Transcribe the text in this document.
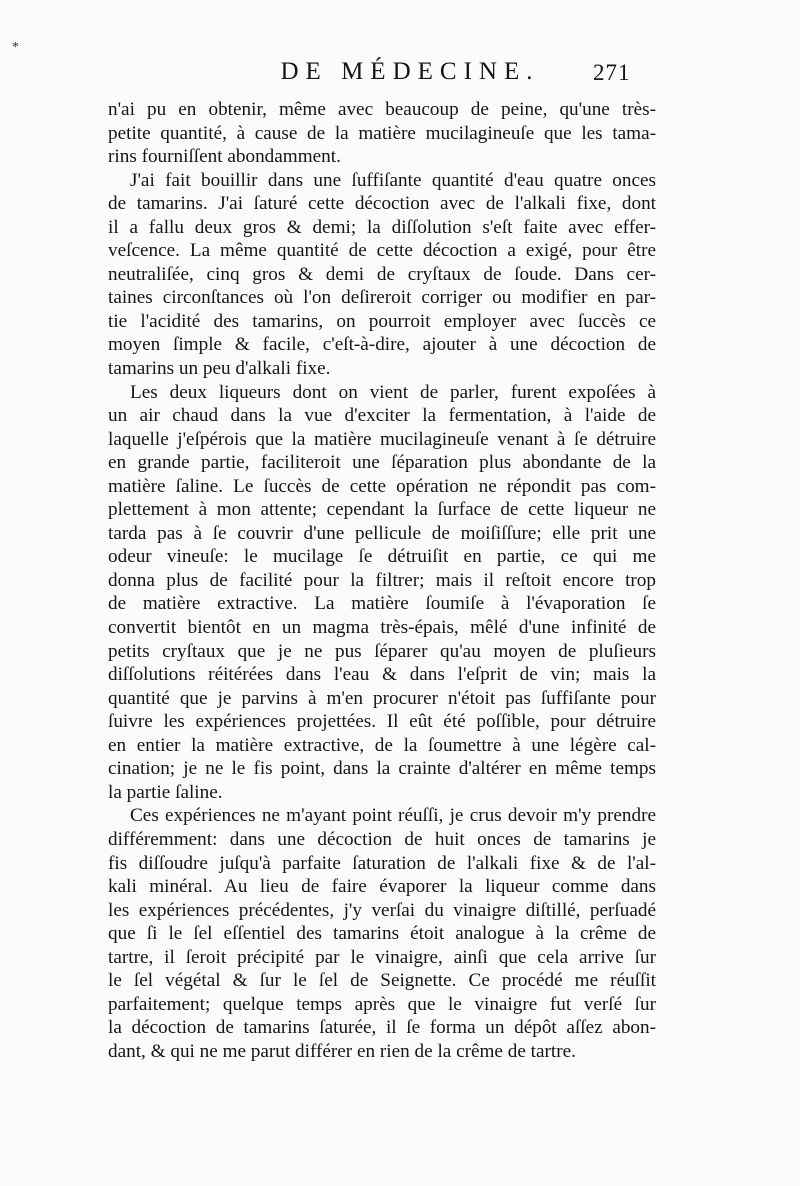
*
DE MÉDECINE.	271
n'ai pu en obtenir, même avec beaucoup de peine, qu'une très-
petite quantité, à cause de la matière mucilagineuſe que les tama-
rins fourniſſent abondamment.
J'ai fait bouillir dans une ſuffiſante quantité d'eau quatre onces
de tamarins. J'ai ſaturé cette décoction avec de l'alkali fixe, dont
il a fallu deux gros & demi; la diſſolution s'eſt faite avec effer-
veſcence. La même quantité de cette décoction a exigé, pour être
neutraliſée, cinq gros & demi de cryſtaux de ſoude. Dans cer-
taines circonſtances où l'on deſireroit corriger ou modifier en par-
tie l'acidité des tamarins, on pourroit employer avec ſuccès ce
moyen ſimple & facile, c'eſt-à-dire, ajouter à une décoction de
tamarins un peu d'alkali fixe.
Les deux liqueurs dont on vient de parler, furent expoſées à
un air chaud dans la vue d'exciter la fermentation, à l'aide de
laquelle j'eſpérois que la matière mucilagineuſe venant à ſe détruire
en grande partie, faciliteroit une ſéparation plus abondante de la
matière ſaline. Le ſuccès de cette opération ne répondit pas com-
plettement à mon attente; cependant la ſurface de cette liqueur ne
tarda pas à ſe couvrir d'une pellicule de moiſiſſure; elle prit une
odeur vineuſe: le mucilage ſe détruiſit en partie, ce qui me
donna plus de facilité pour la filtrer; mais il reſtoit encore trop
de matière extractive. La matière ſoumiſe à l'évaporation ſe
convertit bientôt en un magma très-épais, mêlé d'une infinité de
petits cryſtaux que je ne pus ſéparer qu'au moyen de pluſieurs
diſſolutions réitérées dans l'eau & dans l'eſprit de vin; mais la
quantité que je parvins à m'en procurer n'étoit pas ſuffiſante pour
ſuivre les expériences projettées. Il eût été poſſible, pour détruire
en entier la matière extractive, de la ſoumettre à une légère cal-
cination; je ne le fis point, dans la crainte d'altérer en même temps
la partie ſaline.
Ces expériences ne m'ayant point réuſſi, je crus devoir m'y prendre
différemment: dans une décoction de huit onces de tamarins je
fis diſſoudre juſqu'à parfaite ſaturation de l'alkali fixe & de l'al-
kali minéral. Au lieu de faire évaporer la liqueur comme dans
les expériences précédentes, j'y verſai du vinaigre diſtillé, perſuadé
que ſi le ſel eſſentiel des tamarins étoit analogue à la crême de
tartre, il ſeroit précipité par le vinaigre, ainſi que cela arrive ſur
le ſel végétal & ſur le ſel de Seignette. Ce procédé me réuſſit
parfaitement; quelque temps après que le vinaigre fut verſé ſur
la décoction de tamarins ſaturée, il ſe forma un dépôt aſſez abon-
dant, & qui ne me parut différer en rien de la crême de tartre.
